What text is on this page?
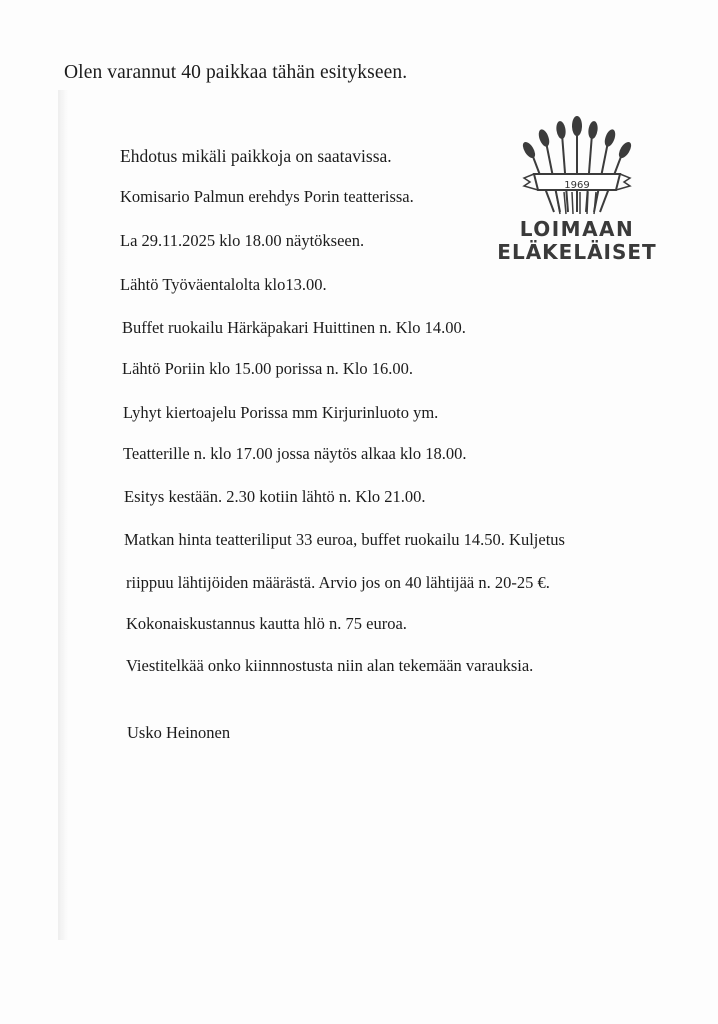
Olen varannut 40 paikkaa tähän esitykseen.
Ehdotus mikäli paikkoja on saatavissa.
Komisario Palmun erehdys Porin teatterissa.
La 29.11.2025 klo 18.00 näytökseen.
Lähtö Työväentalolta klo13.00.
Buffet ruokailu Härkäpakari Huittinen n. Klo 14.00.
Lähtö Poriin klo 15.00 porissa n. Klo 16.00.
Lyhyt kiertoajelu Porissa mm Kirjurinluoto ym.
Teatterille n. klo 17.00 jossa näytös alkaa klo 18.00.
Esitys kestään. 2.30 kotiin lähtö n. Klo 21.00.
Matkan hinta teatteriliput 33 euroa, buffet ruokailu 14.50. Kuljetus
riippuu lähtijöiden määrästä. Arvio jos on 40 lähtijää n. 20-25 €.
Kokonaiskustannus kautta hlö n. 75 euroa.
Viestitelkää onko kiinnnostusta niin alan tekemään varauksia.
Usko Heinonen
1969
LOIMAAN
ELÄKELÄISET
